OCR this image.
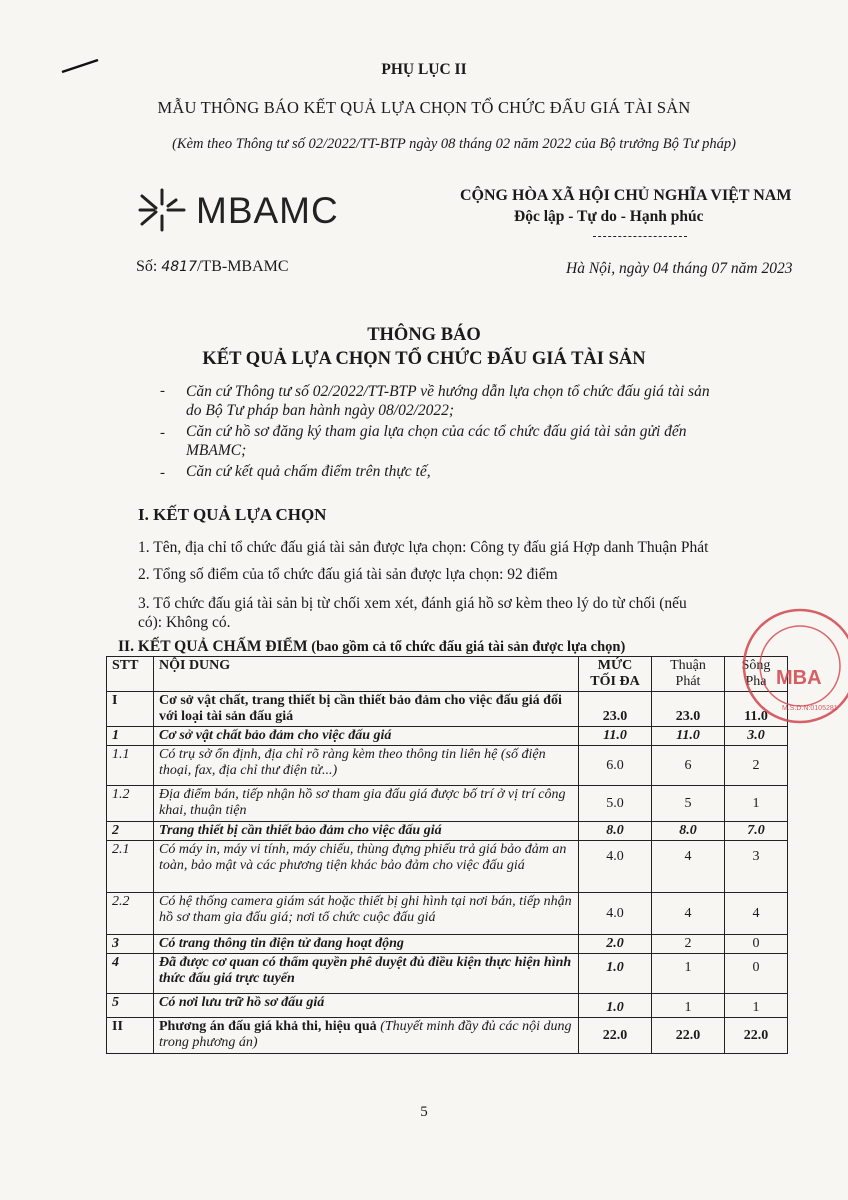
PHỤ LỤC II
MẪU THÔNG BÁO KẾT QUẢ LỰA CHỌN TỔ CHỨC ĐẤU GIÁ TÀI SẢN
(Kèm theo Thông tư số 02/2022/TT-BTP ngày 08 tháng 02 năm 2022 của Bộ trưởng Bộ Tư pháp)
MBAMC	CỘNG HÒA XÃ HỘI CHỦ NGHĨA VIỆT NAM
Độc lập - Tự do - Hạnh phúc
Số: 4817/TB-MBAMC	Hà Nội, ngày 04 tháng 07 năm 2023
THÔNG BÁO
KẾT QUẢ LỰA CHỌN TỔ CHỨC ĐẤU GIÁ TÀI SẢN
- Căn cứ Thông tư số 02/2022/TT-BTP về hướng dẫn lựa chọn tổ chức đấu giá tài sản
do Bộ Tư pháp ban hành ngày 08/02/2022;
- Căn cứ hồ sơ đăng ký tham gia lựa chọn của các tổ chức đấu giá tài sản gửi đến
MBAMC;
- Căn cứ kết quả chấm điểm trên thực tế,
I. KẾT QUẢ LỰA CHỌN
1. Tên, địa chỉ tổ chức đấu giá tài sản được lựa chọn: Công ty đấu giá Hợp danh Thuận Phát
2. Tổng số điểm của tổ chức đấu giá tài sản được lựa chọn: 92 điểm
3. Tổ chức đấu giá tài sản bị từ chối xem xét, đánh giá hồ sơ kèm theo lý do từ chối (nếu
có): Không có.
II. KẾT QUẢ CHẤM ĐIỂM (bao gồm cả tổ chức đấu giá tài sản được lựa chọn)
STT	NỘI DUNG	MỨC TỐI ĐA	Thuận Phát	Sông Pha
I	Cơ sở vật chất, trang thiết bị cần thiết bảo đảm cho việc đấu giá đối với loại tài sản đấu giá	23.0	23.0	11.0
1	Cơ sở vật chất bảo đảm cho việc đấu giá	11.0	11.0	3.0
1.1	Có trụ sở ổn định, địa chỉ rõ ràng kèm theo thông tin liên hệ (số điện thoại, fax, địa chỉ thư điện tử...)	6.0	6	2
1.2	Địa điểm bán, tiếp nhận hồ sơ tham gia đấu giá được bố trí ở vị trí công khai, thuận tiện	5.0	5	1
2	Trang thiết bị cần thiết bảo đảm cho việc đấu giá	8.0	8.0	7.0
2.1	Có máy in, máy vi tính, máy chiếu, thùng đựng phiếu trả giá bảo đảm an toàn, bảo mật và các phương tiện khác bảo đảm cho việc đấu giá	4.0	4	3
2.2	Có hệ thống camera giám sát hoặc thiết bị ghi hình tại nơi bán, tiếp nhận hồ sơ tham gia đấu giá; nơi tổ chức cuộc đấu giá	4.0	4	4
3	Có trang thông tin điện tử đang hoạt động	2.0	2	0
4	Đã được cơ quan có thẩm quyền phê duyệt đủ điều kiện thực hiện hình thức đấu giá trực tuyến	1.0	1	0
5	Có nơi lưu trữ hồ sơ đấu giá	1.0	1	1
II	Phương án đấu giá khả thi, hiệu quả (Thuyết minh đầy đủ các nội dung trong phương án)	22.0	22.0	22.0
MBA
M.S.D.N:0105281
5
